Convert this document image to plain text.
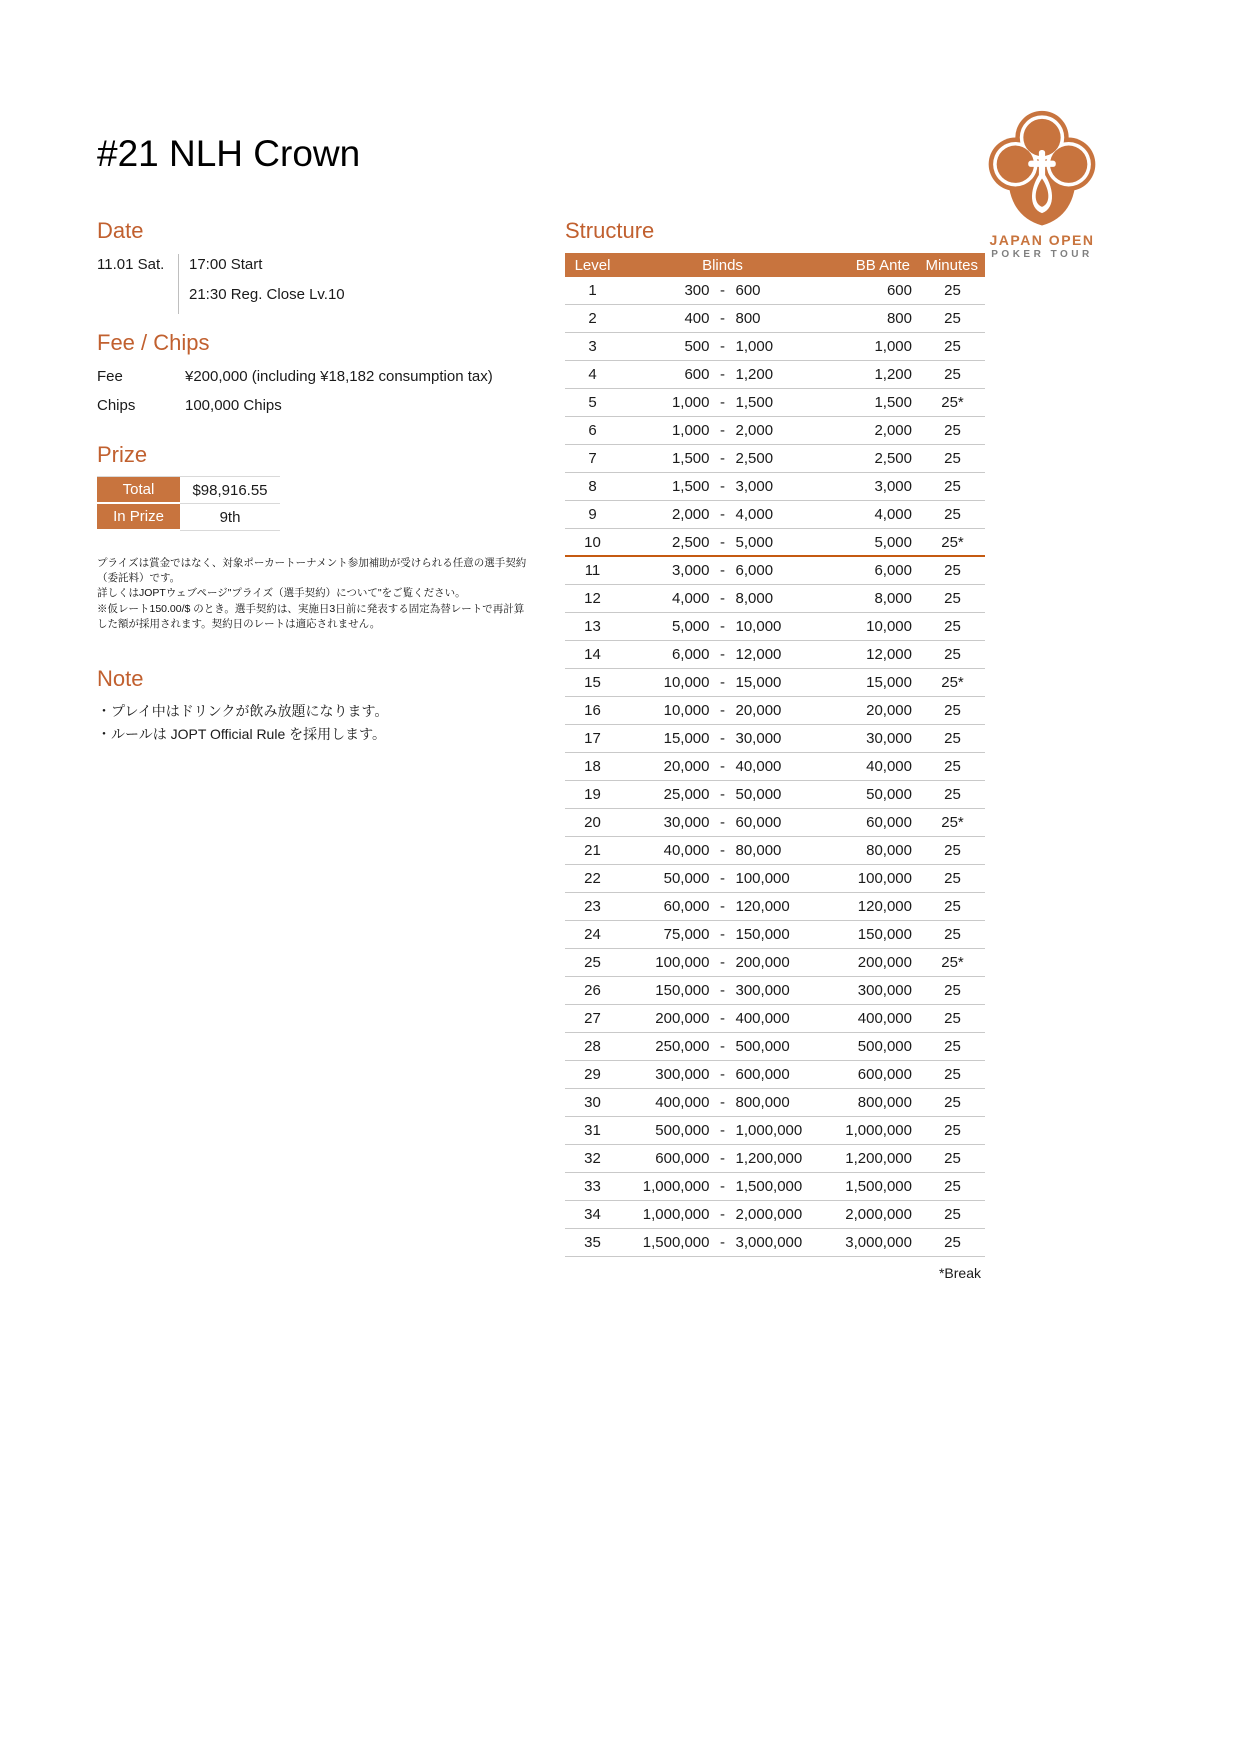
#21 NLH Crown
JAPAN OPEN
POKER TOUR
Date
11.01 Sat.	17:00 Start
21:30 Reg. Close Lv.10
Fee / Chips
Fee	¥200,000 (including ¥18,182 consumption tax)
Chips	100,000 Chips
Prize
Total	$98,916.55
In Prize	9th
プライズは賞金ではなく、対象ポーカートーナメント参加補助が受けられる任意の選手契約（委託料）です。
詳しくはJOPTウェブページ"プライズ（選手契約）について"をご覧ください。
※仮レート150.00/$ のとき。選手契約は、実施日3日前に発表する固定為替レートで再計算した額が採用されます。契約日のレートは適応されません。
Note
・プレイ中はドリンクが飲み放題になります。
・ルールは JOPT Official Rule を採用します。
Structure
Level	Blinds	BB Ante	Minutes
1	300 - 600	600	25
2	400 - 800	800	25
3	500 - 1,000	1,000	25
4	600 - 1,200	1,200	25
5	1,000 - 1,500	1,500	25*
6	1,000 - 2,000	2,000	25
7	1,500 - 2,500	2,500	25
8	1,500 - 3,000	3,000	25
9	2,000 - 4,000	4,000	25
10	2,500 - 5,000	5,000	25*
11	3,000 - 6,000	6,000	25
12	4,000 - 8,000	8,000	25
13	5,000 - 10,000	10,000	25
14	6,000 - 12,000	12,000	25
15	10,000 - 15,000	15,000	25*
16	10,000 - 20,000	20,000	25
17	15,000 - 30,000	30,000	25
18	20,000 - 40,000	40,000	25
19	25,000 - 50,000	50,000	25
20	30,000 - 60,000	60,000	25*
21	40,000 - 80,000	80,000	25
22	50,000 - 100,000	100,000	25
23	60,000 - 120,000	120,000	25
24	75,000 - 150,000	150,000	25
25	100,000 - 200,000	200,000	25*
26	150,000 - 300,000	300,000	25
27	200,000 - 400,000	400,000	25
28	250,000 - 500,000	500,000	25
29	300,000 - 600,000	600,000	25
30	400,000 - 800,000	800,000	25
31	500,000 - 1,000,000	1,000,000	25
32	600,000 - 1,200,000	1,200,000	25
33	1,000,000 - 1,500,000	1,500,000	25
34	1,000,000 - 2,000,000	2,000,000	25
35	1,500,000 - 3,000,000	3,000,000	25
*Break
